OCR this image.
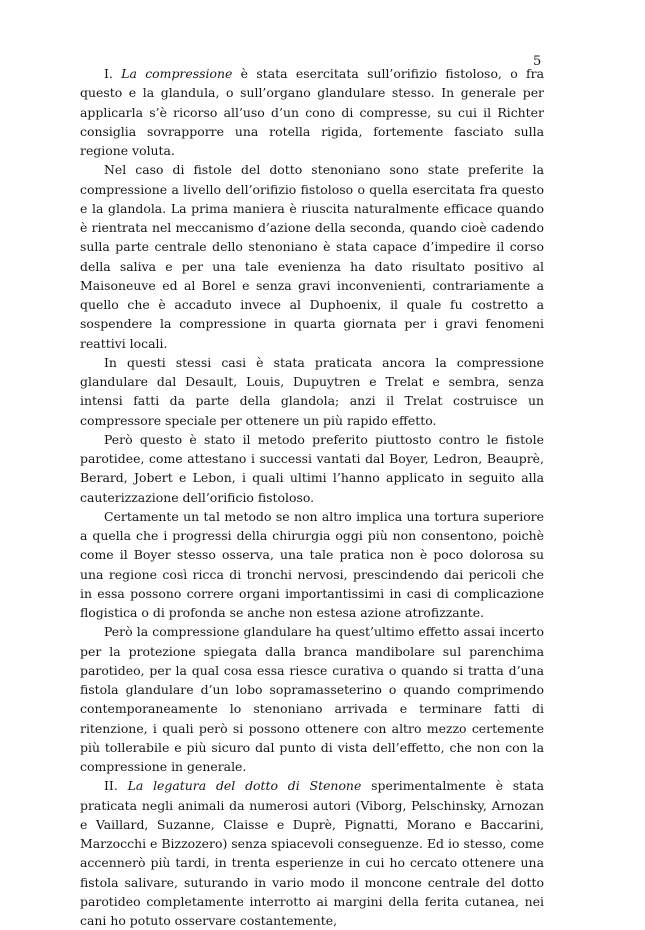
5

I. La compressione è stata esercitata sull’orifizio fistoloso, o fra questo e la glandula, o sull’organo glandulare stesso. In generale per applicarla s’è ricorso all’uso d’un cono di compresse, su cui il Richter consiglia sovrapporre una rotella rigida, fortemente fasciato sulla regione voluta.

Nel caso di fistole del dotto stenoniano sono state preferite la compressione a livello dell’orifizio fistoloso o quella esercitata fra questo e la glandola. La prima maniera è riuscita naturalmente efficace quando è rientrata nel meccanismo d’azione della seconda, quando cioè cadendo sulla parte centrale dello stenoniano è stata capace d’impedire il corso della saliva e per una tale evenienza ha dato risultato positivo al Maisoneuve ed al Borel e senza gravi inconvenienti, contrariamente a quello che è accaduto invece al Duphoenix, il quale fu costretto a sospendere la compressione in quarta giornata per i gravi fenomeni reattivi locali.

In questi stessi casi è stata praticata ancora la compressione glandulare dal Desault, Louis, Dupuytren e Trelat e sembra, senza intensi fatti da parte della glandola; anzi il Trelat costruisce un compressore speciale per ottenere un più rapido effetto.

Però questo è stato il metodo preferito piuttosto contro le fistole parotidee, come attestano i successi vantati dal Boyer, Ledron, Beauprè, Berard, Jobert e Lebon, i quali ultimi l’hanno applicato in seguito alla cauterizzazione dell’orificio fistoloso.

Certamente un tal metodo se non altro implica una tortura superiore a quella che i progressi della chirurgia oggi più non consentono, poichè come il Boyer stesso osserva, una tale pratica non è poco dolorosa su una regione così ricca di tronchi nervosi, prescindendo dai pericoli che in essa possono correre organi importantissimi in casi di complicazione flogistica o di profonda se anche non estesa azione atrofizzante.

Però la compressione glandulare ha quest’ultimo effetto assai incerto per la protezione spiegata dalla branca mandibolare sul parenchima parotideo, per la qual cosa essa riesce curativa o quando si tratta d’una fistola glandulare d’un lobo sopramasseterino o quando comprimendo contemporaneamente lo stenoniano arrivada e terminare fatti di ritenzione, i quali però si possono ottenere con altro mezzo certemente più tollerabile e più sicuro dal punto di vista dell’effetto, che non con la compressione in generale.

II. La legatura del dotto di Stenone sperimentalmente è stata praticata negli animali da numerosi autori (Viborg, Pelschinsky, Arnozan e Vaillard, Suzanne, Claisse e Duprè, Pignatti, Morano e Baccarini, Marzocchi e Bizzozero) senza spiacevoli conseguenze. Ed io stesso, come accennerò più tardi, in trenta esperienze in cui ho cercato ottenere una fistola salivare, suturando in vario modo il moncone centrale del dotto parotideo completamente interrotto ai margini della ferita cutanea, nei cani ho potuto osservare costantemente,
